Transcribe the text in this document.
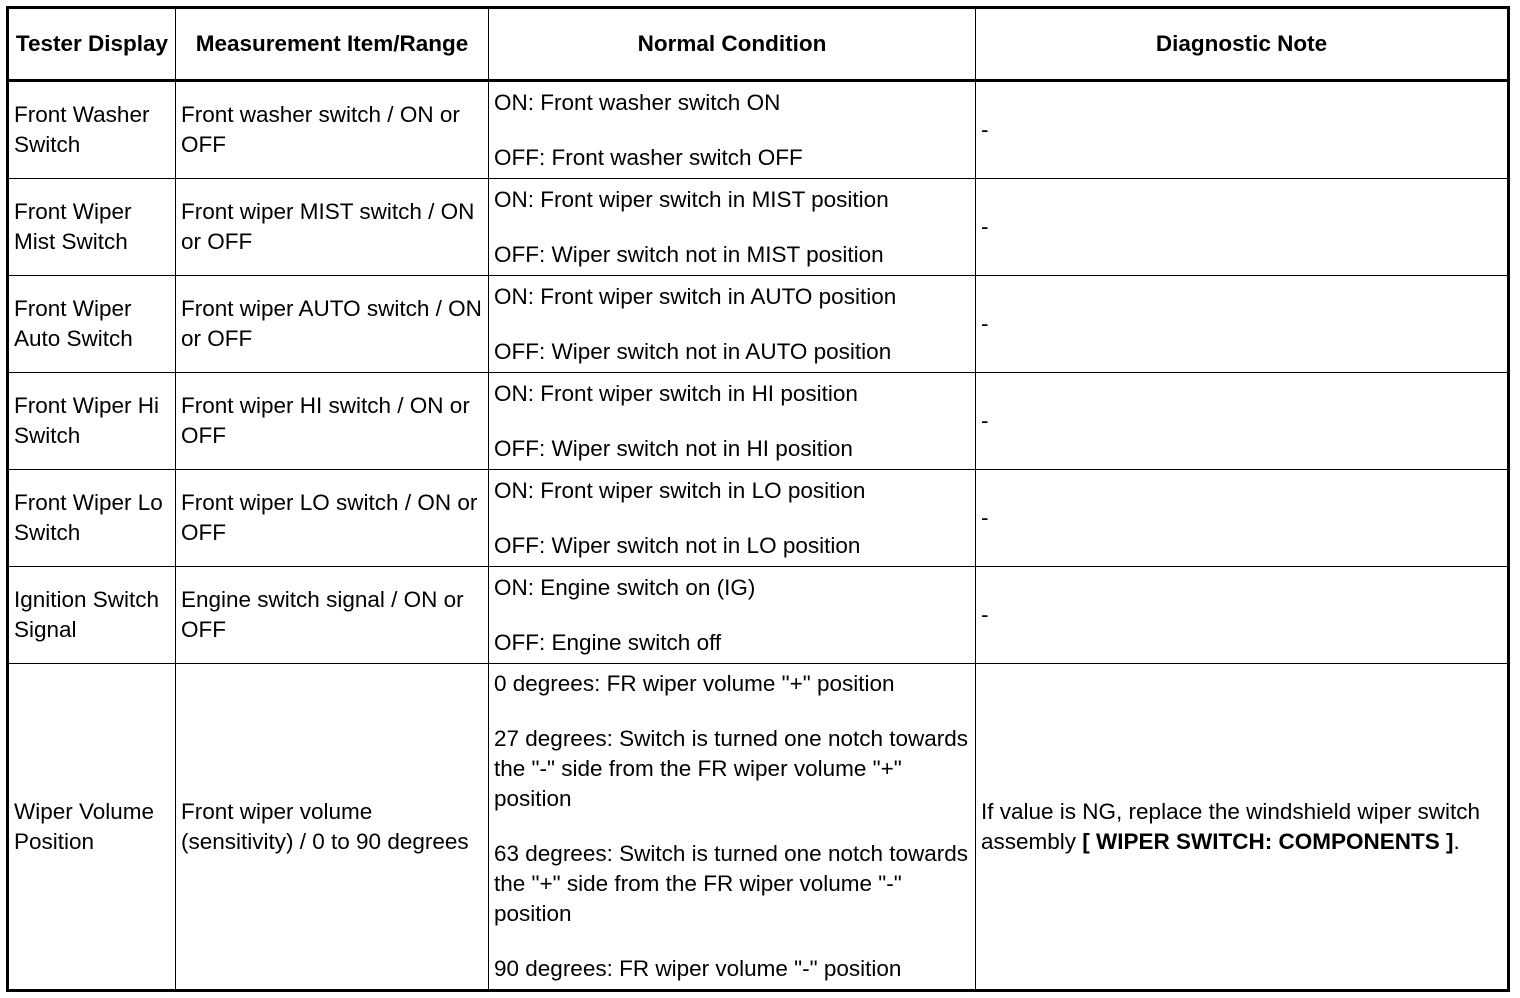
Tester Display	Measurement Item/Range	Normal Condition	Diagnostic Note
Front Washer Switch	Front washer switch / ON or OFF	ON: Front washer switch ON

OFF: Front washer switch OFF	-
Front Wiper Mist Switch	Front wiper MIST switch / ON or OFF	ON: Front wiper switch in MIST position

OFF: Wiper switch not in MIST position	-
Front Wiper Auto Switch	Front wiper AUTO switch / ON or OFF	ON: Front wiper switch in AUTO position

OFF: Wiper switch not in AUTO position	-
Front Wiper Hi Switch	Front wiper HI switch / ON or OFF	ON: Front wiper switch in HI position

OFF: Wiper switch not in HI position	-
Front Wiper Lo Switch	Front wiper LO switch / ON or OFF	ON: Front wiper switch in LO position

OFF: Wiper switch not in LO position	-
Ignition Switch Signal	Engine switch signal / ON or OFF	ON: Engine switch on (IG)

OFF: Engine switch off	-
Wiper Volume Position	Front wiper volume (sensitivity) / 0 to 90 degrees	0 degrees: FR wiper volume "+" position

27 degrees: Switch is turned one notch towards the "-" side from the FR wiper volume "+" position

63 degrees: Switch is turned one notch towards the "+" side from the FR wiper volume "-" position

90 degrees: FR wiper volume "-" position	If value is NG, replace the windshield wiper switch assembly [ WIPER SWITCH: COMPONENTS ].
